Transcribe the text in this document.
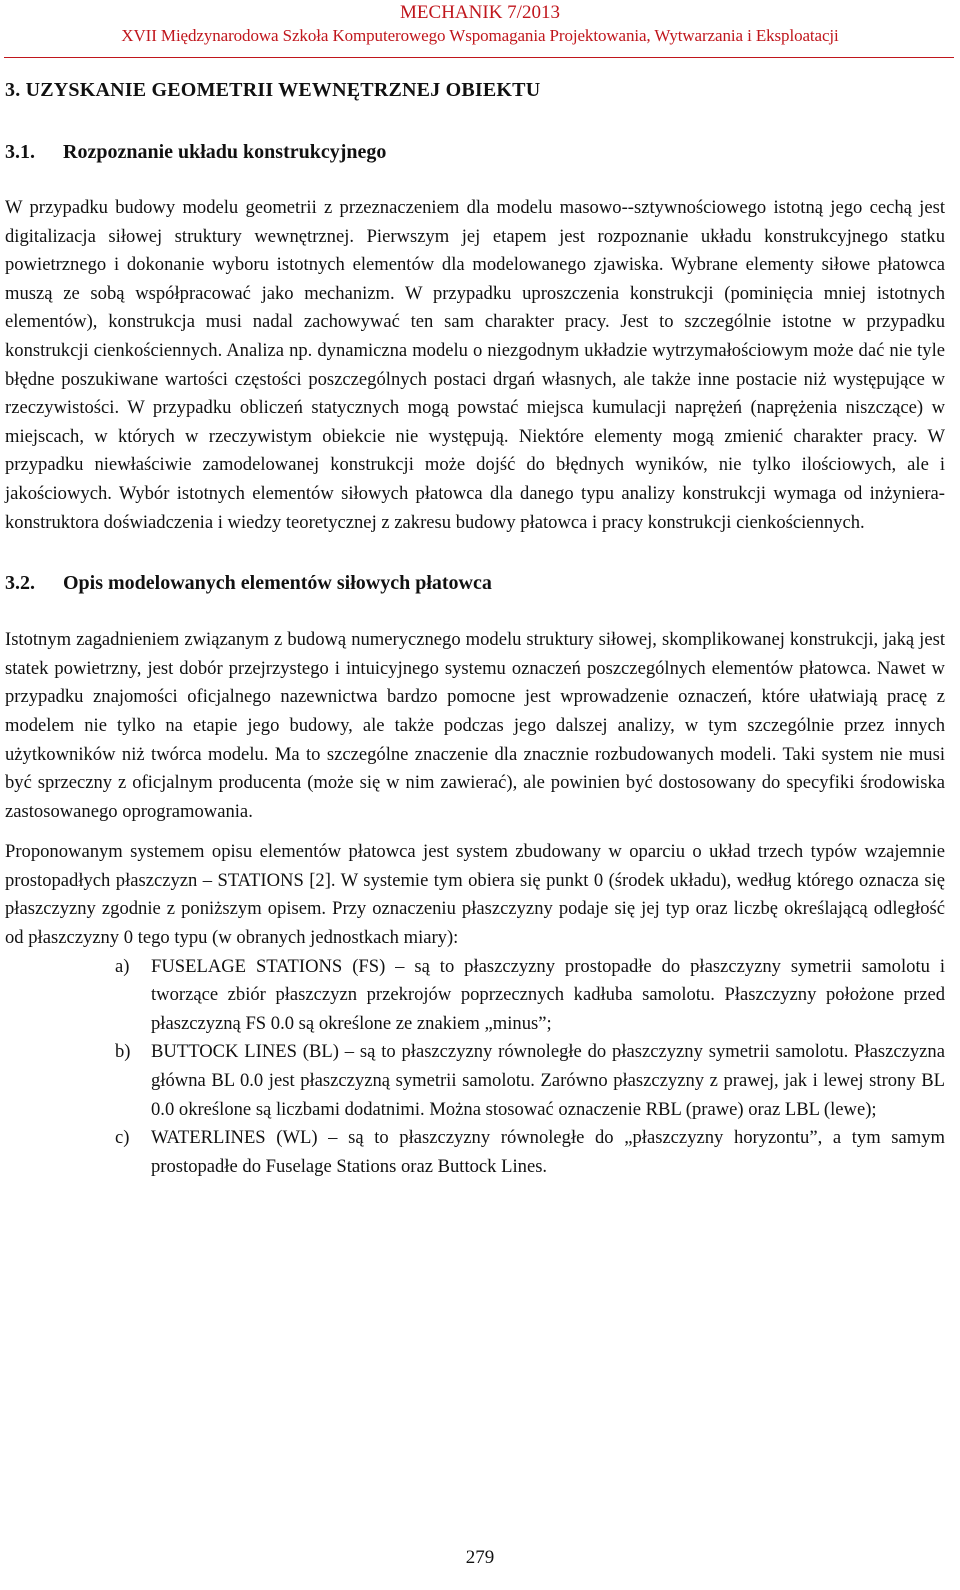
MECHANIK 7/2013
XVII Międzynarodowa Szkoła Komputerowego Wspomagania Projektowania, Wytwarzania i Eksploatacji
3. UZYSKANIE GEOMETRII WEWNĘTRZNEJ OBIEKTU
3.1. Rozpoznanie układu konstrukcyjnego

W przypadku budowy modelu geometrii z przeznaczeniem dla modelu masowo--sztywnościowego istotną jego cechą jest digitalizacja siłowej struktury wewnętrznej. Pierwszym jej etapem jest rozpoznanie układu konstrukcyjnego statku powietrznego i dokonanie wyboru istotnych elementów dla modelowanego zjawiska. Wybrane elementy siłowe płatowca muszą ze sobą współpracować jako mechanizm. W przypadku uproszczenia konstrukcji (pominięcia mniej istotnych elementów), konstrukcja musi nadal zachowywać ten sam charakter pracy. Jest to szczególnie istotne w przypadku konstrukcji cienkościennych. Analiza np. dynamiczna modelu o niezgodnym układzie wytrzymałościowym może dać nie tyle błędne poszukiwane wartości częstości poszczególnych postaci drgań własnych, ale także inne postacie niż występujące w rzeczywistości. W przypadku obliczeń statycznych mogą powstać miejsca kumulacji naprężeń (naprężenia niszczące) w miejscach, w których w rzeczywistym obiekcie nie występują. Niektóre elementy mogą zmienić charakter pracy. W przypadku niewłaściwie zamodelowanej konstrukcji może dojść do błędnych wyników, nie tylko ilościowych, ale i jakościowych. Wybór istotnych elementów siłowych płatowca dla danego typu analizy konstrukcji wymaga od inżyniera-konstruktora doświadczenia i wiedzy teoretycznej z zakresu budowy płatowca i pracy konstrukcji cienkościennych.

3.2. Opis modelowanych elementów siłowych płatowca

Istotnym zagadnieniem związanym z budową numerycznego modelu struktury siłowej, skomplikowanej konstrukcji, jaką jest statek powietrzny, jest dobór przejrzystego i intuicyjnego systemu oznaczeń poszczególnych elementów płatowca. Nawet w przypadku znajomości oficjalnego nazewnictwa bardzo pomocne jest wprowadzenie oznaczeń, które ułatwiają pracę z modelem nie tylko na etapie jego budowy, ale także podczas jego dalszej analizy, w tym szczególnie przez innych użytkowników niż twórca modelu. Ma to szczególne znaczenie dla znacznie rozbudowanych modeli. Taki system nie musi być sprzeczny z oficjalnym producenta (może się w nim zawierać), ale powinien być dostosowany do specyfiki środowiska zastosowanego oprogramowania.

Proponowanym systemem opisu elementów płatowca jest system zbudowany w oparciu o układ trzech typów wzajemnie prostopadłych płaszczyzn – STATIONS [2]. W systemie tym obiera się punkt 0 (środek układu), według którego oznacza się płaszczyzny zgodnie z poniższym opisem. Przy oznaczeniu płaszczyzny podaje się jej typ oraz liczbę określającą odległość od płaszczyzny 0 tego typu (w obranych jednostkach miary):

a) FUSELAGE STATIONS (FS) – są to płaszczyzny prostopadłe do płaszczyzny symetrii samolotu i tworzące zbiór płaszczyzn przekrojów poprzecznych kadłuba samolotu. Płaszczyzny położone przed płaszczyzną FS 0.0 są określone ze znakiem „minus”;
b) BUTTOCK LINES (BL) – są to płaszczyzny równoległe do płaszczyzny symetrii samolotu. Płaszczyzna główna BL 0.0 jest płaszczyzną symetrii samolotu. Zarówno płaszczyzny z prawej, jak i lewej strony BL 0.0 określone są liczbami dodatnimi. Można stosować oznaczenie RBL (prawe) oraz LBL (lewe);
c) WATERLINES (WL) – są to płaszczyzny równoległe do „płaszczyzny horyzontu”, a tym samym prostopadłe do Fuselage Stations oraz Buttock Lines.
279
